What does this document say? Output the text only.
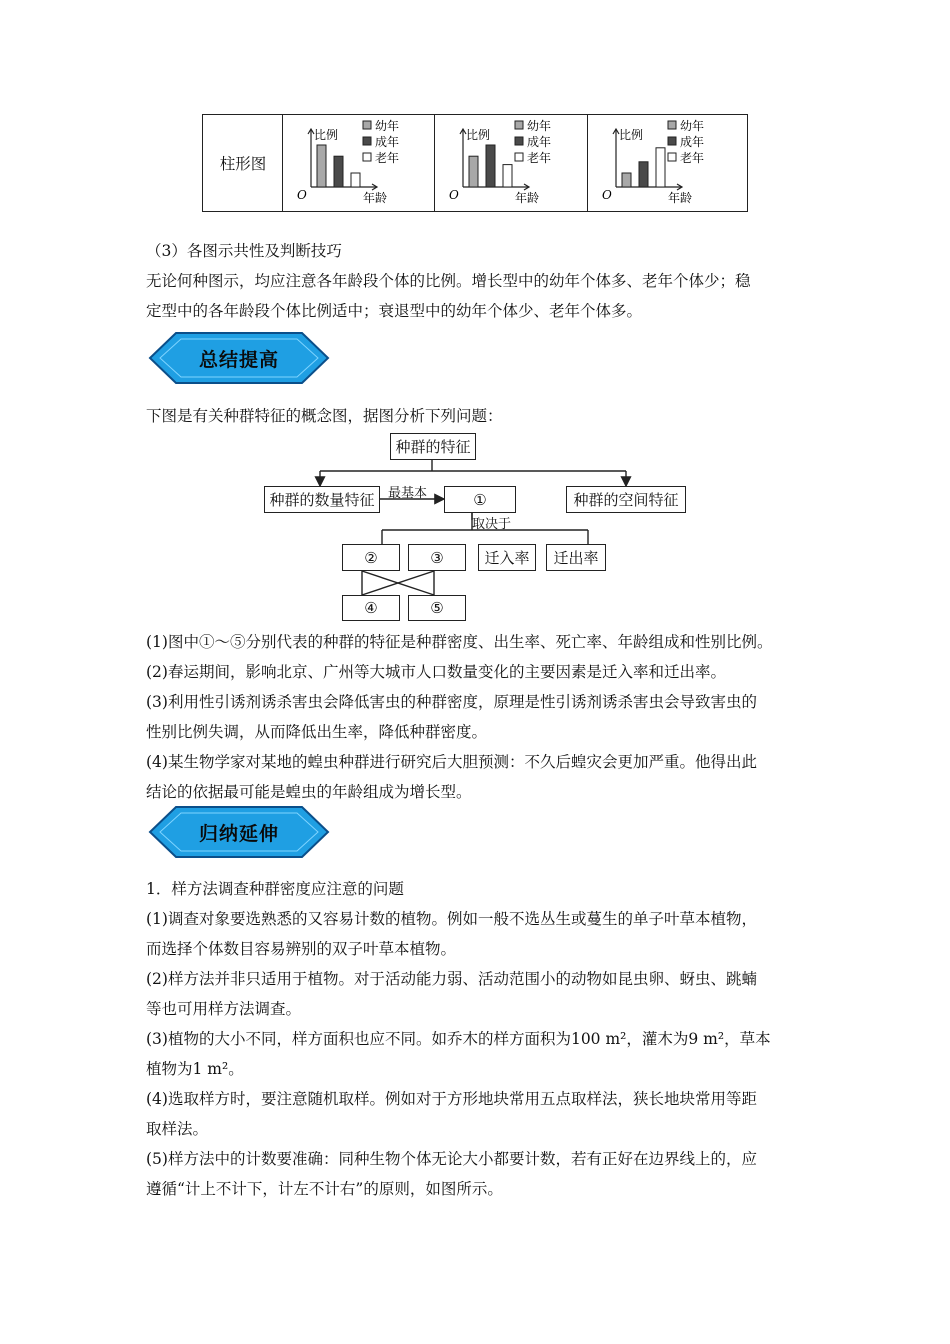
柱形图
比例
年龄
O
幼年
成年
老年
比例
年龄
O
幼年
成年
老年
比例
年龄
O
幼年
成年
老年
（3）各图示共性及判断技巧
无论何种图示，均应注意各年龄段个体的比例。增长型中的幼年个体多、老年个体少；稳
定型中的各年龄段个体比例适中；衰退型中的幼年个体少、老年个体多。
总结提高
下图是有关种群特征的概念图，据图分析下列问题：
种群的特征
种群的数量特征	①	种群的空间特征
最基本
取决于
②	③	迁入率	迁出率
④	⑤
(1)图中①～⑤分别代表的种群的特征是种群密度、出生率、死亡率、年龄组成和性别比例。
(2)春运期间，影响北京、广州等大城市人口数量变化的主要因素是迁入率和迁出率。
(3)利用性引诱剂诱杀害虫会降低害虫的种群密度，原理是性引诱剂诱杀害虫会导致害虫的
性别比例失调，从而降低出生率，降低种群密度。
(4)某生物学家对某地的蝗虫种群进行研究后大胆预测：不久后蝗灾会更加严重。他得出此
结论的依据最可能是蝗虫的年龄组成为增长型。
归纳延伸
1．样方法调查种群密度应注意的问题
(1)调查对象要选熟悉的又容易计数的植物。例如一般不选丛生或蔓生的单子叶草本植物，
而选择个体数目容易辨别的双子叶草本植物。
(2)样方法并非只适用于植物。对于活动能力弱、活动范围小的动物如昆虫卵、蚜虫、跳蝻
等也可用样方法调查。
(3)植物的大小不同，样方面积也应不同。如乔木的样方面积为100 m²，灌木为9 m²，草本
植物为1 m²。
(4)选取样方时，要注意随机取样。例如对于方形地块常用五点取样法，狭长地块常用等距
取样法。
(5)样方法中的计数要准确：同种生物个体无论大小都要计数，若有正好在边界线上的，应
遵循“计上不计下，计左不计右”的原则，如图所示。
